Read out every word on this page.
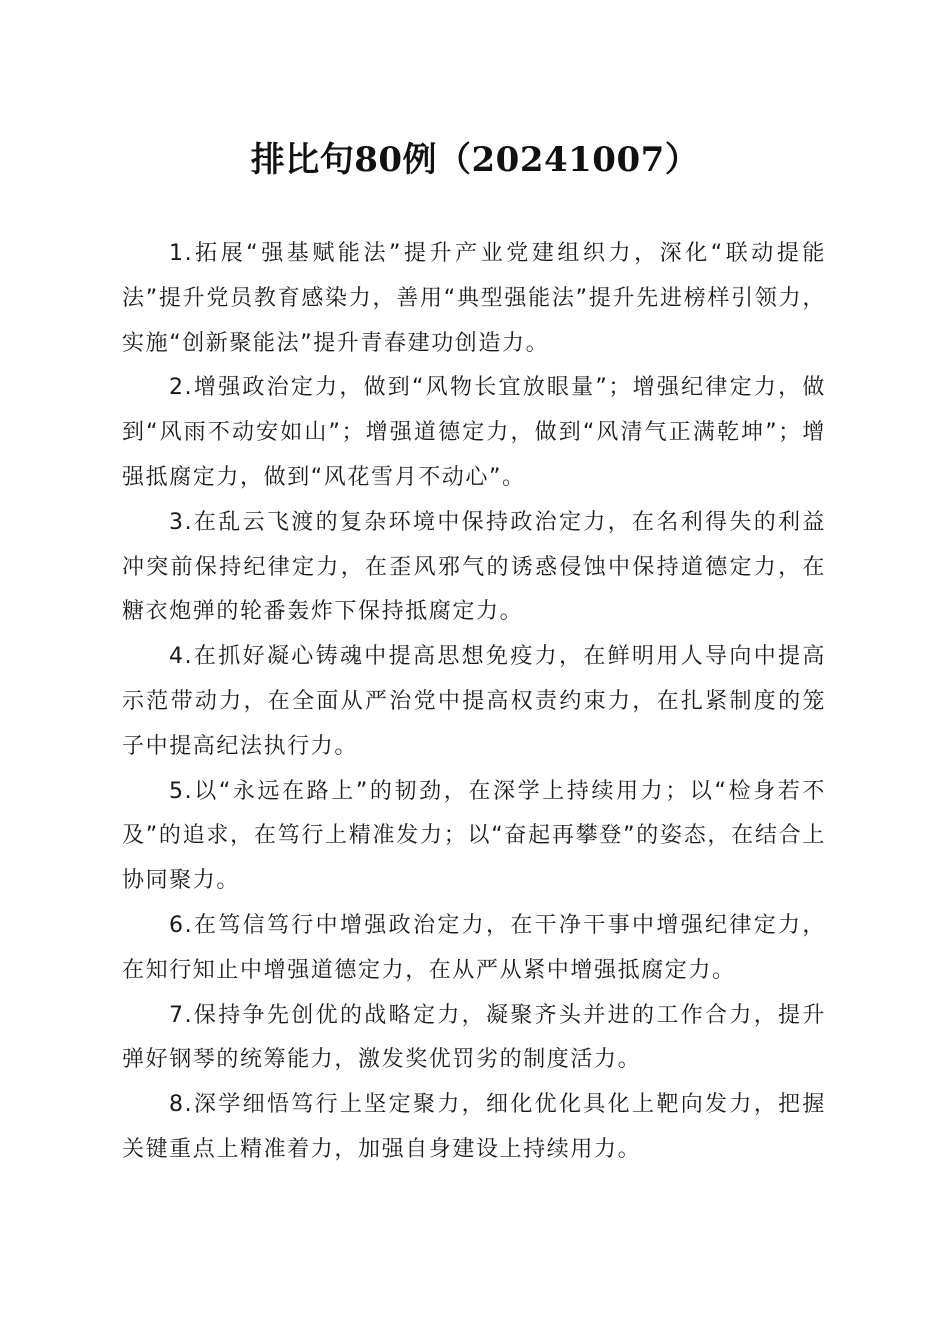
排比句80例（20241007）

1.拓展“强基赋能法”提升产业党建组织力，深化“联动提能法”提升党员教育感染力，善用“典型强能法”提升先进榜样引领力，实施“创新聚能法”提升青春建功创造力。

2.增强政治定力，做到“风物长宜放眼量”；增强纪律定力，做到“风雨不动安如山”；增强道德定力，做到“风清气正满乾坤”；增强抵腐定力，做到“风花雪月不动心”。

3.在乱云飞渡的复杂环境中保持政治定力，在名利得失的利益冲突前保持纪律定力，在歪风邪气的诱惑侵蚀中保持道德定力，在糖衣炮弹的轮番轰炸下保持抵腐定力。

4.在抓好凝心铸魂中提高思想免疫力，在鲜明用人导向中提高示范带动力，在全面从严治党中提高权责约束力，在扎紧制度的笼子中提高纪法执行力。

5.以“永远在路上”的韧劲，在深学上持续用力；以“检身若不及”的追求，在笃行上精准发力；以“奋起再攀登”的姿态，在结合上协同聚力。

6.在笃信笃行中增强政治定力，在干净干事中增强纪律定力，在知行知止中增强道德定力，在从严从紧中增强抵腐定力。

7.保持争先创优的战略定力，凝聚齐头并进的工作合力，提升弹好钢琴的统筹能力，激发奖优罚劣的制度活力。

8.深学细悟笃行上坚定聚力，细化优化具化上靶向发力，把握关键重点上精准着力，加强自身建设上持续用力。
